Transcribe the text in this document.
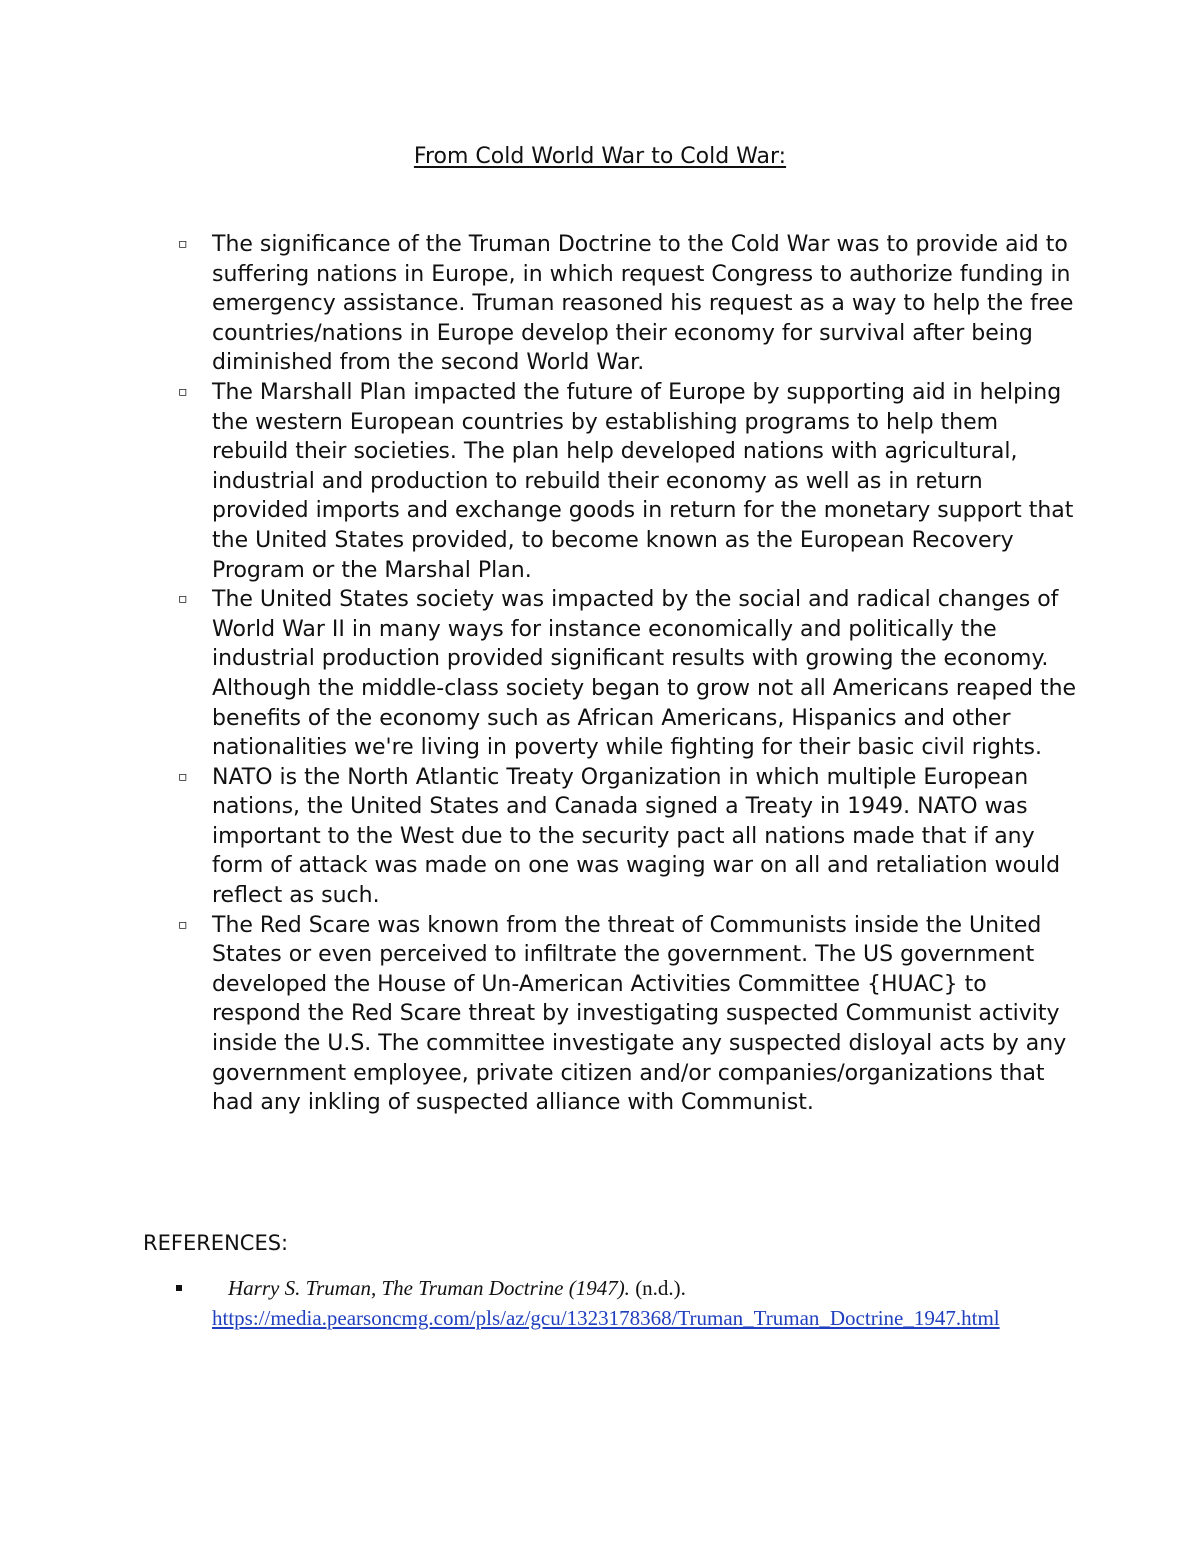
From Cold World War to Cold War:
▫ The significance of the Truman Doctrine to the Cold War was to provide aid to suffering nations in Europe, in which request Congress to authorize funding in emergency assistance. Truman reasoned his request as a way to help the free countries/nations in Europe develop their economy for survival after being diminished from the second World War.
▫ The Marshall Plan impacted the future of Europe by supporting aid in helping the western European countries by establishing programs to help them rebuild their societies. The plan help developed nations with agricultural, industrial and production to rebuild their economy as well as in return provided imports and exchange goods in return for the monetary support that the United States provided, to become known as the European Recovery Program or the Marshal Plan.
▫ The United States society was impacted by the social and radical changes of World War II in many ways for instance economically and politically the industrial production provided significant results with growing the economy. Although the middle-class society began to grow not all Americans reaped the benefits of the economy such as African Americans, Hispanics and other nationalities we're living in poverty while fighting for their basic civil rights.
▫ NATO is the North Atlantic Treaty Organization in which multiple European nations, the United States and Canada signed a Treaty in 1949. NATO was important to the West due to the security pact all nations made that if any form of attack was made on one was waging war on all and retaliation would reflect as such.
▫ The Red Scare was known from the threat of Communists inside the United States or even perceived to infiltrate the government. The US government developed the House of Un-American Activities Committee {HUAC} to respond the Red Scare threat by investigating suspected Communist activity inside the U.S. The committee investigate any suspected disloyal acts by any government employee, private citizen and/or companies/organizations that had any inkling of suspected alliance with Communist.
REFERENCES:
Harry S. Truman, The Truman Doctrine (1947). (n.d.).
https://media.pearsoncmg.com/pls/az/gcu/1323178368/Truman_Truman_Doctrine_1947.html
